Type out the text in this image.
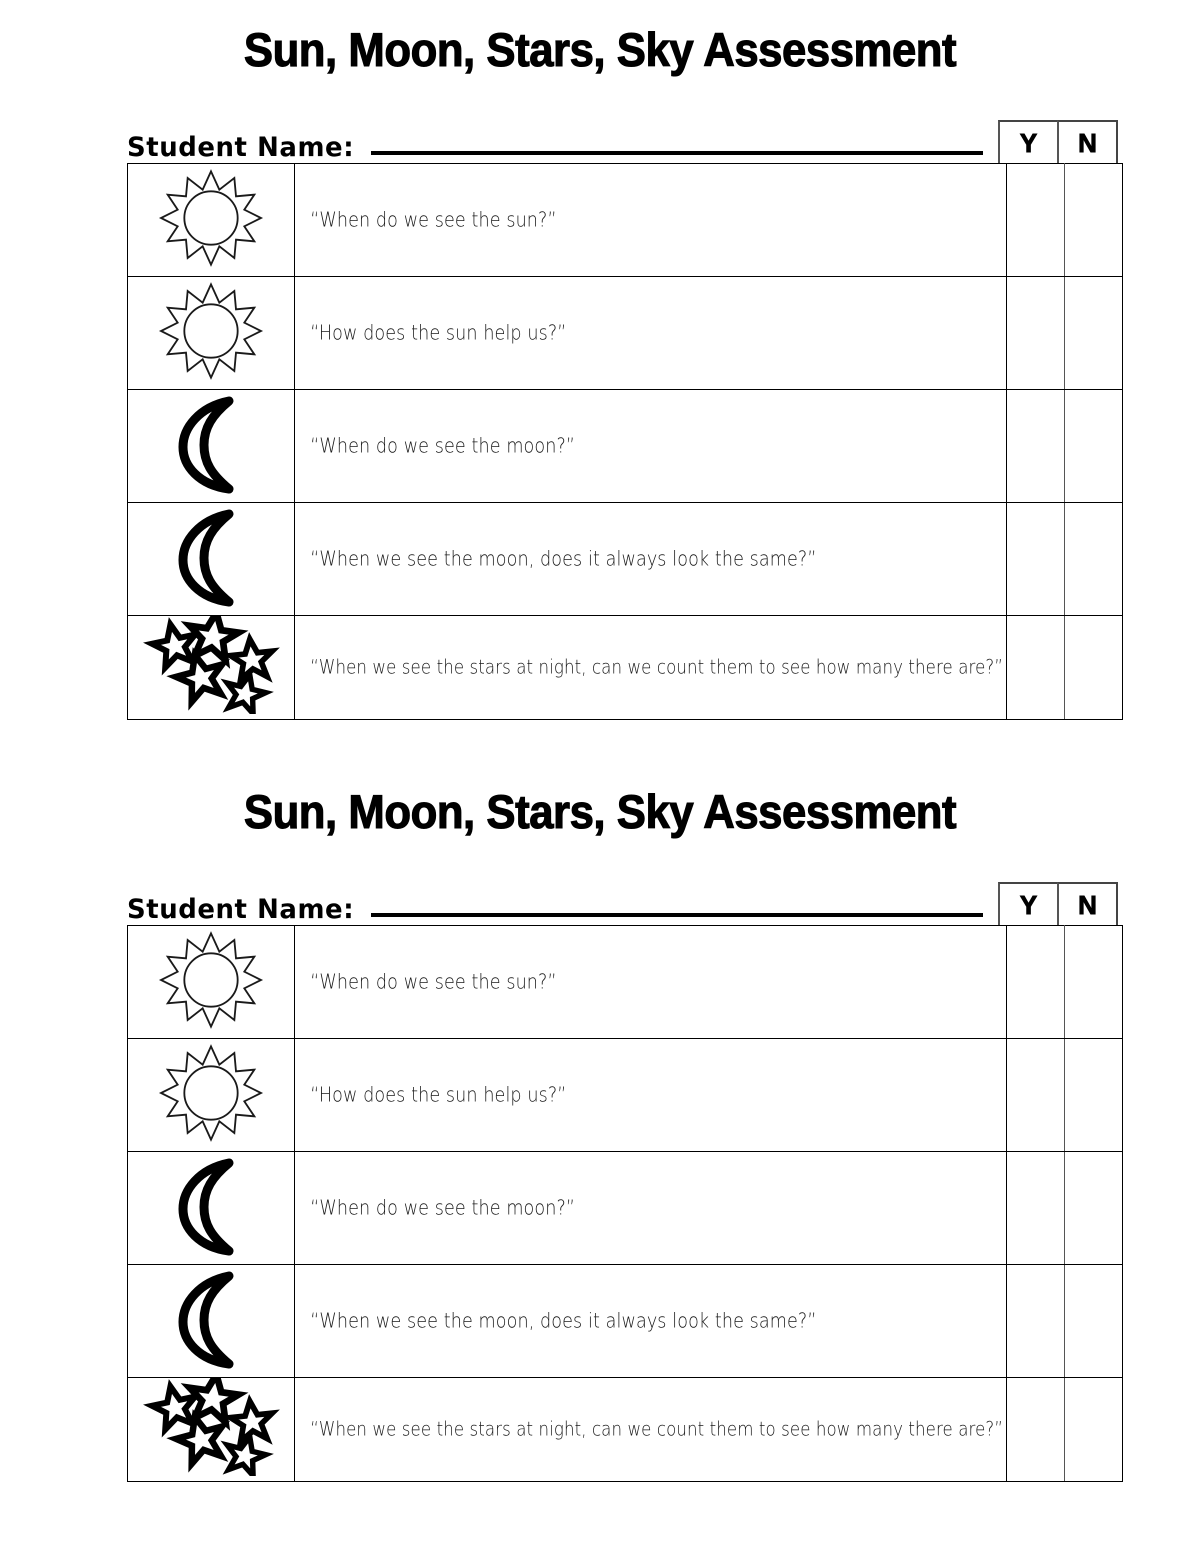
Sun, Moon, Stars, Sky Assessment
Student Name:	Y	N

“When do we see the sun?”		

“How does the sun help us?”		

“When do we see the moon?”		

“When we see the moon, does it always look the same?”		

“When we see the stars at night, can we count them to see how many there are?”		

Sun, Moon, Stars, Sky Assessment
Student Name:	Y	N

“When do we see the sun?”		

“How does the sun help us?”		

“When do we see the moon?”		

“When we see the moon, does it always look the same?”		

“When we see the stars at night, can we count them to see how many there are?”		
